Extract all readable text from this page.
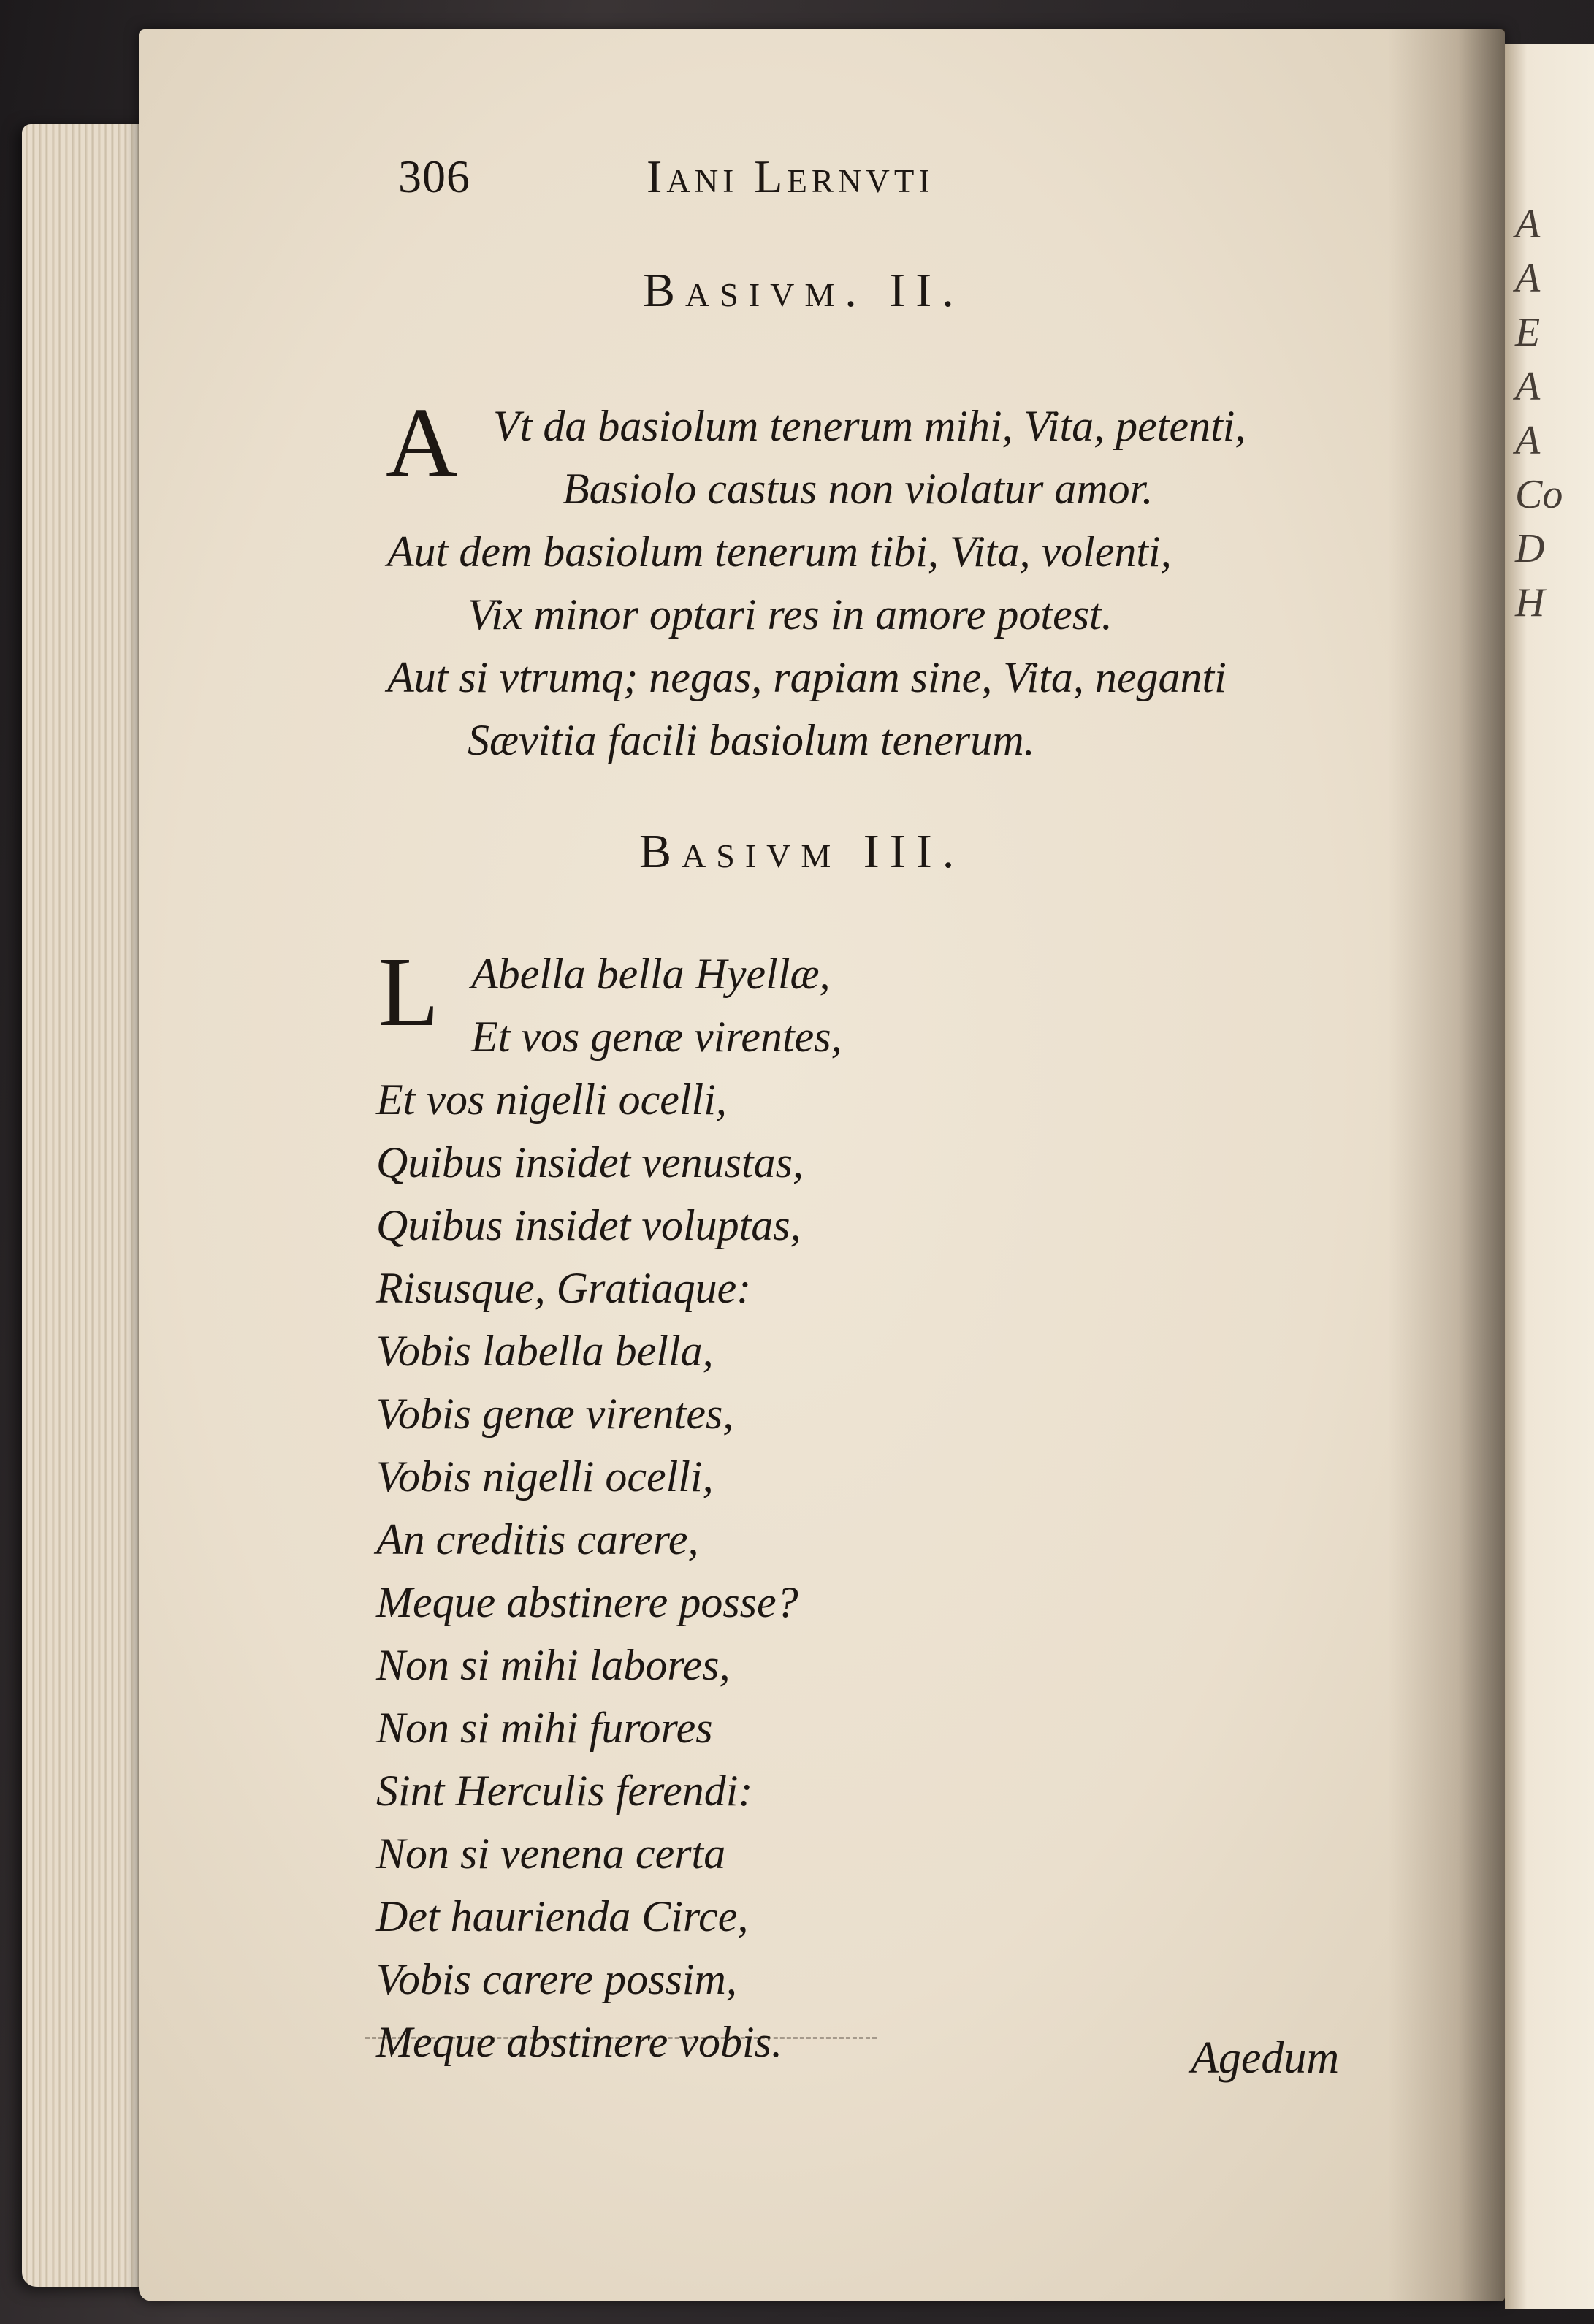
A
A
E
A
A
Co
D
H
306	Iani Lernvti
Basivm. II.
A Vt da basiolum tenerum mihi, Vita, petenti,
Basiolo castus non violatur amor.
Aut dem basiolum tenerum tibi, Vita, volenti,
Vix minor optari res in amore potest.
Aut si vtrumq; negas, rapiam sine, Vita, neganti
Sævitia facili basiolum tenerum.
Basivm III.
L Abella bella Hyellæ,
Et vos genæ virentes,
Et vos nigelli ocelli,
Quibus insidet venustas,
Quibus insidet voluptas,
Risusque, Gratiaque:
Vobis labella bella,
Vobis genæ virentes,
Vobis nigelli ocelli,
An creditis carere,
Meque abstinere posse?
Non si mihi labores,
Non si mihi furores
Sint Herculis ferendi:
Non si venena certa
Det haurienda Circe,
Vobis carere possim,
Meque abstinere vobis.	Agedum
